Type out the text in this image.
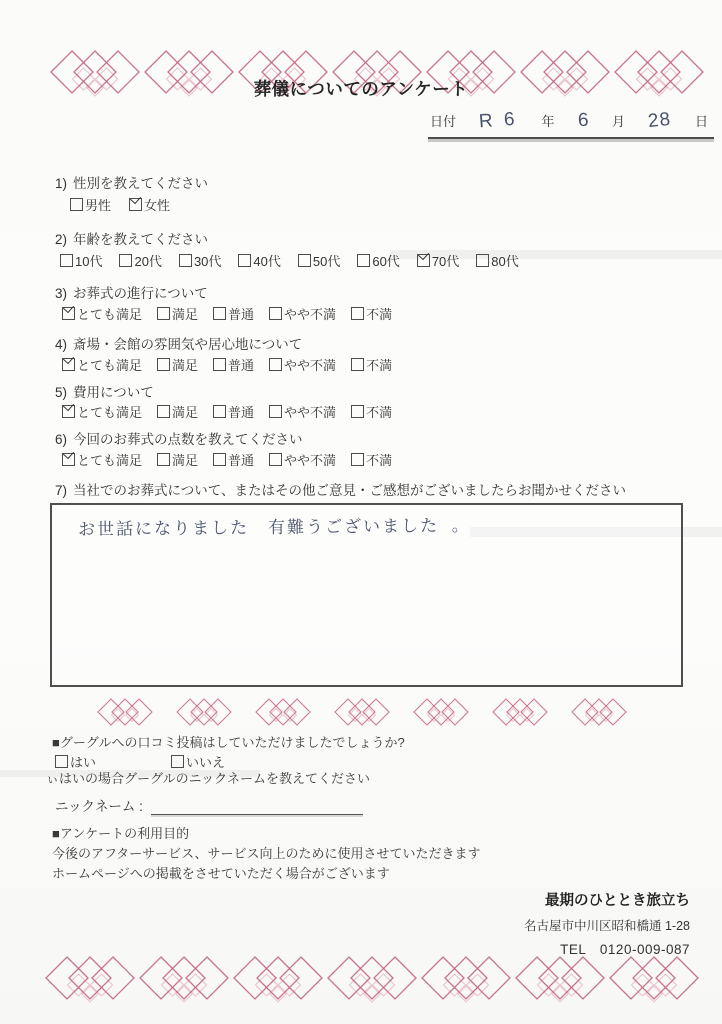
葬儀についてのアンケート
日付 R 6 年 6 月 28 日
1) 性別を教えてください
男性	女性
2) 年齢を教えてください
10代 20代 30代 40代 50代 60代 70代 80代
3) お葬式の進行について
とても満足 満足 普通 やや不満 不満
4) 斎場・会館の雰囲気や居心地について
とても満足 満足 普通 やや不満 不満
5) 費用について
とても満足 満足 普通 やや不満 不満
6) 今回のお葬式の点数を教えてください
とても満足 満足 普通 やや不満 不満
7) 当社でのお葬式について、またはその他ご意見・ご感想がございましたらお聞かせください
お世話になりました　有難うございました 。
■グーグルへの口コミ投稿はしていただけましたでしょうか?
はい	いいえ
ぃはいの場合グーグルのニックネームを教えてください
ニックネーム :
■アンケートの利用目的
今後のアフターサービス、サービス向上のために使用させていただきます
ホームページへの掲載をさせていただく場合がございます
最期のひととき旅立ち
名古屋市中川区昭和橋通 1-28
TEL　0120-009-087
